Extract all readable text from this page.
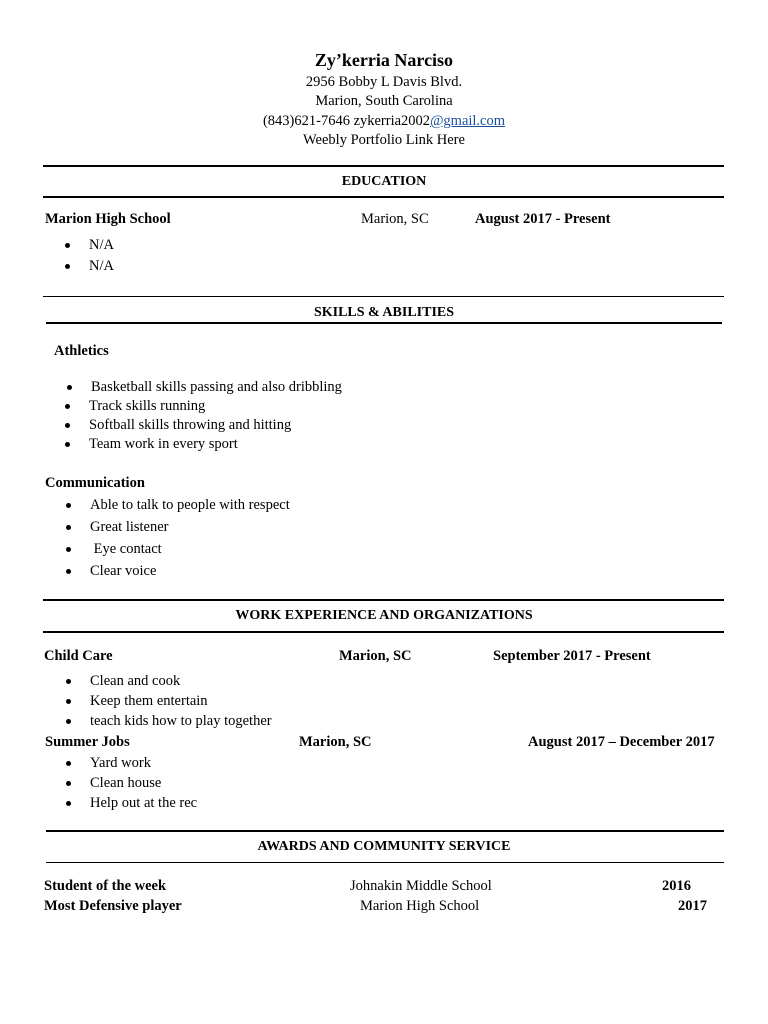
Zy’kerria Narciso
2956 Bobby L Davis Blvd.
Marion, South Carolina
(843)621-7646 zykerria2002@gmail.com
Weebly Portfolio Link Here
EDUCATION
Marion High School	Marion, SC	August 2017 - Present
N/A
N/A
SKILLS & ABILITIES
Athletics
Basketball skills passing and also dribbling
Track skills running
Softball skills throwing and hitting
Team work in every sport
Communication
Able to talk to people with respect
Great listener
Eye contact
Clear voice
WORK EXPERIENCE AND ORGANIZATIONS
Child Care	Marion, SC	September 2017 - Present
Clean and cook
Keep them entertain
teach kids how to play together
Summer Jobs	Marion, SC	August 2017 – December 2017
Yard work
Clean house
Help out at the rec
AWARDS AND COMMUNITY SERVICE
Student of the week	Johnakin Middle School	2016
Most Defensive player	Marion High School	2017
